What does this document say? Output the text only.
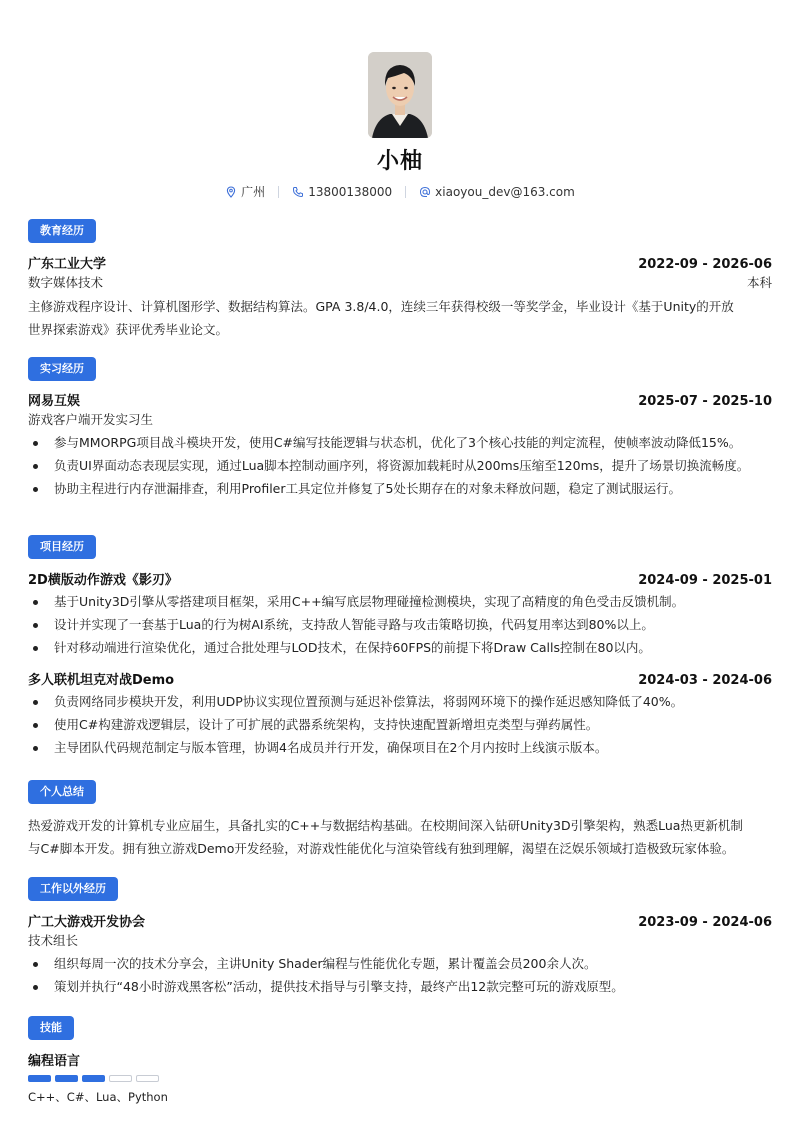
小柚
广州	13800138000	xiaoyou_dev@163.com
教育经历
广东工业大学	2022-09 - 2026-06
数字媒体技术	本科
主修游戏程序设计、计算机图形学、数据结构算法。GPA 3.8/4.0，连续三年获得校级一等奖学金，毕业设计《基于Unity的开放
世界探索游戏》获评优秀毕业论文。
实习经历
网易互娱	2025-07 - 2025-10
游戏客户端开发实习生
参与MMORPG项目战斗模块开发，使用C#编写技能逻辑与状态机，优化了3个核心技能的判定流程，使帧率波动降低15%。
负责UI界面动态表现层实现，通过Lua脚本控制动画序列，将资源加载耗时从200ms压缩至120ms，提升了场景切换流畅度。
协助主程进行内存泄漏排查，利用Profiler工具定位并修复了5处长期存在的对象未释放问题，稳定了测试服运行。
项目经历
2D横版动作游戏《影刃》	2024-09 - 2025-01
基于Unity3D引擎从零搭建项目框架，采用C++编写底层物理碰撞检测模块，实现了高精度的角色受击反馈机制。
设计并实现了一套基于Lua的行为树AI系统，支持敌人智能寻路与攻击策略切换，代码复用率达到80%以上。
针对移动端进行渲染优化，通过合批处理与LOD技术，在保持60FPS的前提下将Draw Calls控制在80以内。
多人联机坦克对战Demo	2024-03 - 2024-06
负责网络同步模块开发，利用UDP协议实现位置预测与延迟补偿算法，将弱网环境下的操作延迟感知降低了40%。
使用C#构建游戏逻辑层，设计了可扩展的武器系统架构，支持快速配置新增坦克类型与弹药属性。
主导团队代码规范制定与版本管理，协调4名成员并行开发，确保项目在2个月内按时上线演示版本。
个人总结
热爱游戏开发的计算机专业应届生，具备扎实的C++与数据结构基础。在校期间深入钻研Unity3D引擎架构，熟悉Lua热更新机制
与C#脚本开发。拥有独立游戏Demo开发经验，对游戏性能优化与渲染管线有独到理解，渴望在泛娱乐领域打造极致玩家体验。
工作以外经历
广工大游戏开发协会	2023-09 - 2024-06
技术组长
组织每周一次的技术分享会，主讲Unity Shader编程与性能优化专题，累计覆盖会员200余人次。
策划并执行“48小时游戏黑客松”活动，提供技术指导与引擎支持，最终产出12款完整可玩的游戏原型。
技能
编程语言
C++、C#、Lua、Python
